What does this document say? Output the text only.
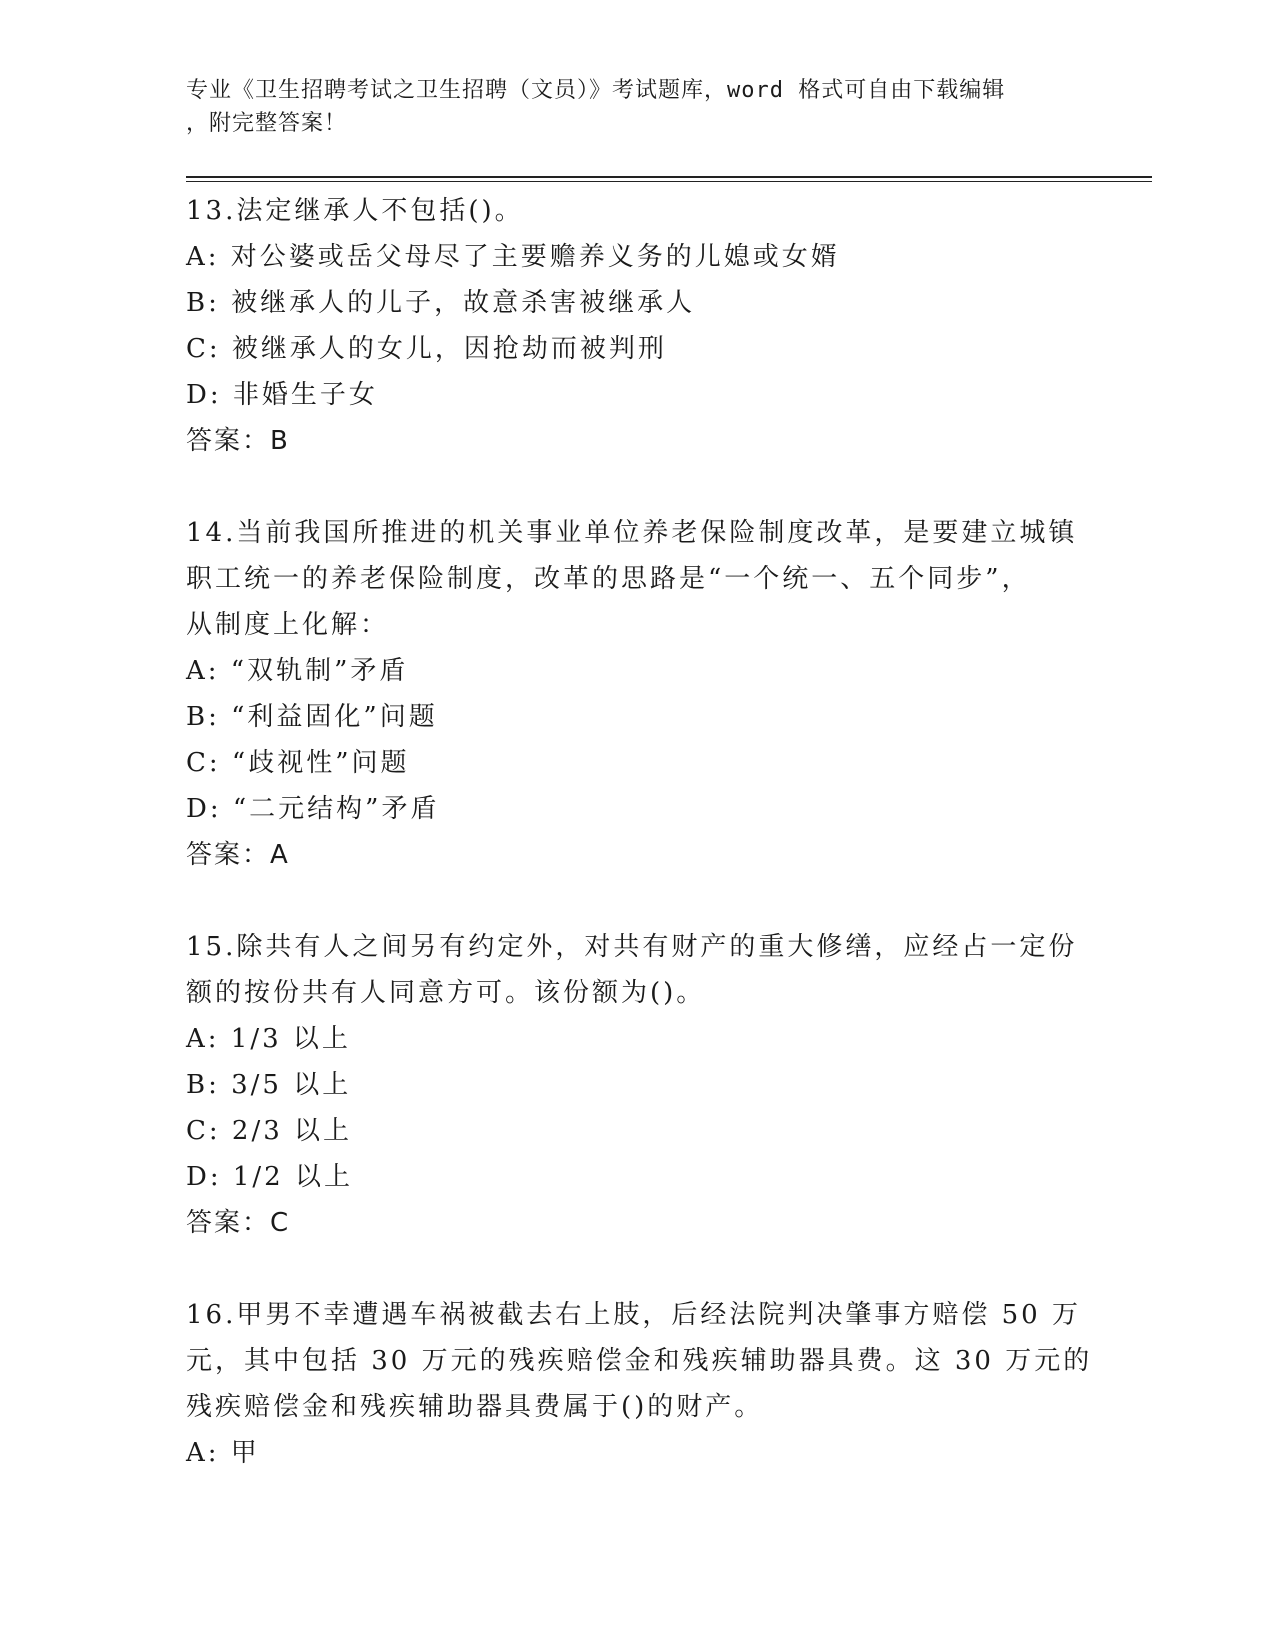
专业《卫生招聘考试之卫生招聘（文员）》考试题库，word 格式可自由下载编辑
，附完整答案！
13.法定继承人不包括()。
A: 对公婆或岳父母尽了主要赡养义务的儿媳或女婿
B: 被继承人的儿子，故意杀害被继承人
C: 被继承人的女儿，因抢劫而被判刑
D: 非婚生子女
答案：B
14.当前我国所推进的机关事业单位养老保险制度改革，是要建立城镇
职工统一的养老保险制度，改革的思路是“一个统一、五个同步”，
从制度上化解：
A: “双轨制”矛盾
B: “利益固化”问题
C: “歧视性”问题
D: “二元结构”矛盾
答案：A
15.除共有人之间另有约定外，对共有财产的重大修缮，应经占一定份
额的按份共有人同意方可。该份额为()。
A: 1/3 以上
B: 3/5 以上
C: 2/3 以上
D: 1/2 以上
答案：C
16.甲男不幸遭遇车祸被截去右上肢，后经法院判决肇事方赔偿 50 万
元，其中包括 30 万元的残疾赔偿金和残疾辅助器具费。这 30 万元的
残疾赔偿金和残疾辅助器具费属于()的财产。
A: 甲
